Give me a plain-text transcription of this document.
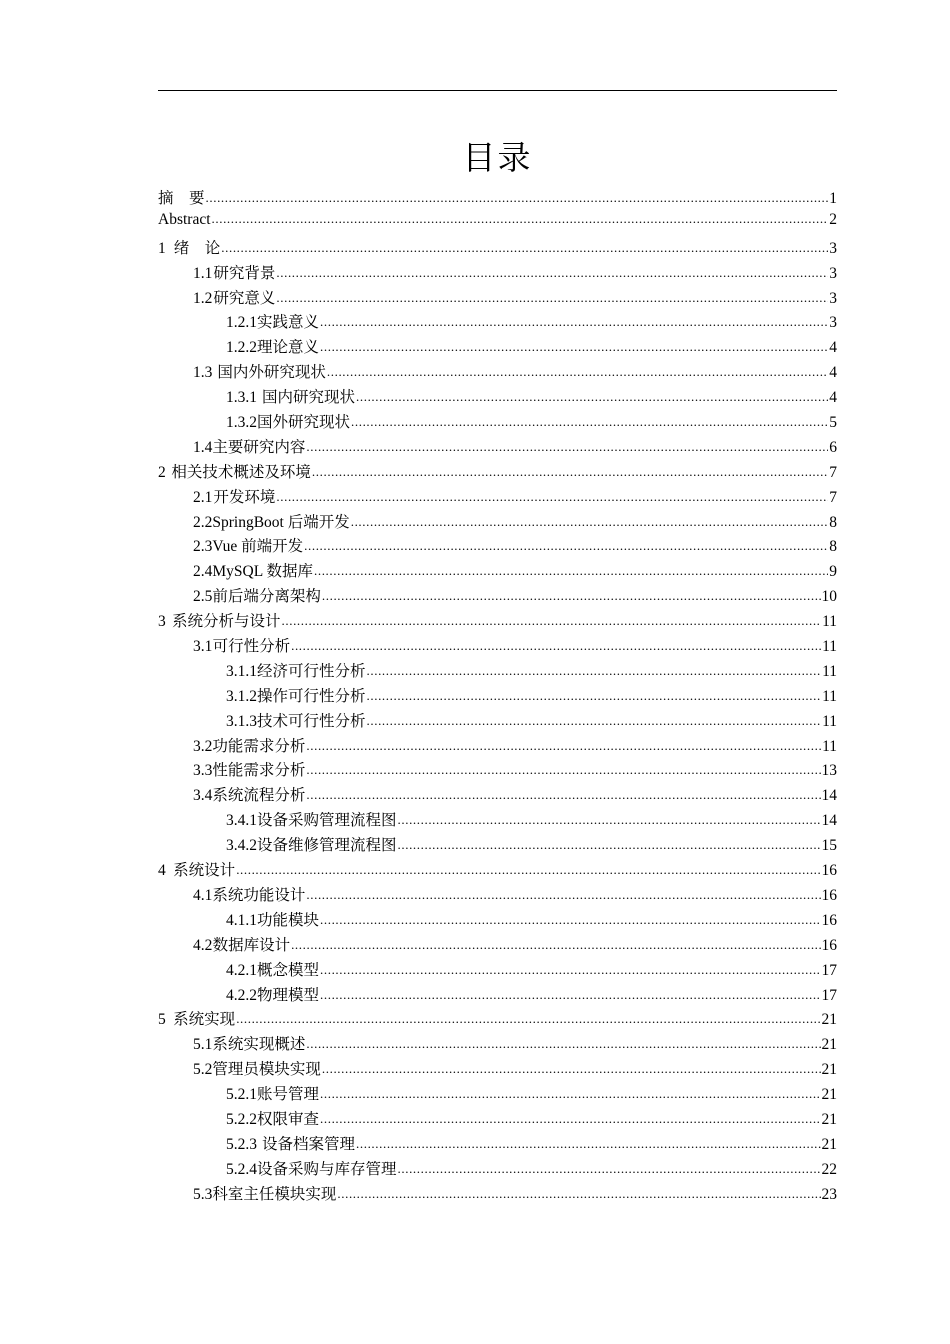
目录
摘　要 .....	1
Abstract .....	2
1 绪　论 .....	3
1.1 研究背景 .....	3
1.2 研究意义 .....	3
1.2.1 实践意义 .....	3
1.2.2 理论意义 .....	4
1.3 国内外研究现状 .....	4
1.3.1 国内研究现状 .....	4
1.3.2 国外研究现状 .....	5
1.4 主要研究内容 .....	6
2 相关技术概述及环境 .....	7
2.1 开发环境 .....	7
2.2 SpringBoot 后端开发 .....	8
2.3 Vue 前端开发 .....	8
2.4 MySQL 数据库 .....	9
2.5 前后端分离架构 .....	10
3 系统分析与设计 .....	11
3.1 可行性分析 .....	11
3.1.1 经济可行性分析 .....	11
3.1.2 操作可行性分析 .....	11
3.1.3 技术可行性分析 .....	11
3.2 功能需求分析 .....	11
3.3 性能需求分析 .....	13
3.4 系统流程分析 .....	14
3.4.1 设备采购管理流程图 .....	14
3.4.2 设备维修管理流程图 .....	15
4 系统设计 .....	16
4.1 系统功能设计 .....	16
4.1.1 功能模块 .....	16
4.2 数据库设计 .....	16
4.2.1 概念模型 .....	17
4.2.2 物理模型 .....	17
5 系统实现 .....	21
5.1 系统实现概述 .....	21
5.2 管理员模块实现 .....	21
5.2.1 账号管理 .....	21
5.2.2 权限审查 .....	21
5.2.3 设备档案管理 .....	21
5.2.4 设备采购与库存管理 .....	22
5.3 科室主任模块实现 .....	23
